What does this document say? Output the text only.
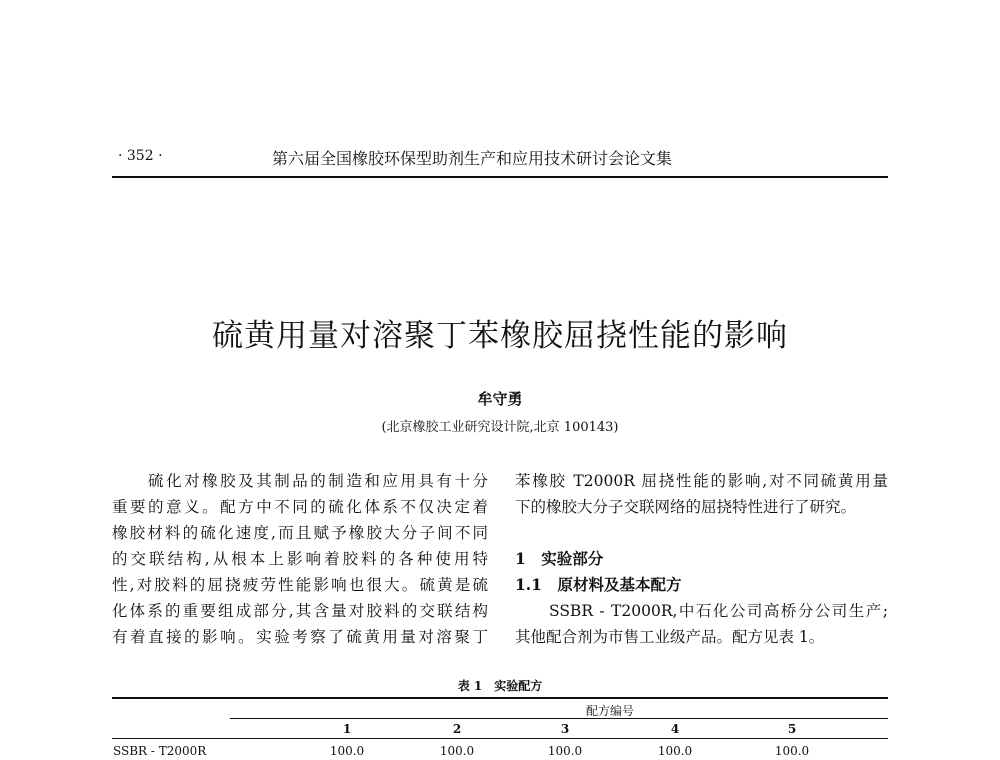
· 352 ·	第六届全国橡胶环保型助剂生产和应用技术研讨会论文集
硫黄用量对溶聚丁苯橡胶屈挠性能的影响
牟守勇
(北京橡胶工业研究设计院,北京 100143)
　　硫化对橡胶及其制品的制造和应用具有十分
重要的意义。配方中不同的硫化体系不仅决定着
橡胶材料的硫化速度,而且赋予橡胶大分子间不同
的交联结构,从根本上影响着胶料的各种使用特
性,对胶料的屈挠疲劳性能影响也很大。硫黄是硫
化体系的重要组成部分,其含量对胶料的交联结构
有着直接的影响。实验考察了硫黄用量对溶聚丁
苯橡胶 T2000R 屈挠性能的影响,对不同硫黄用量
下的橡胶大分子交联网络的屈挠特性进行了研究。
1　实验部分
1.1　原材料及基本配方
　　SSBR - T2000R,中石化公司高桥分公司生产;
其他配合剂为市售工业级产品。配方见表 1。
表 1　实验配方
配方编号
1	2	3	4	5
SSBR - T2000R	100.0	100.0	100.0	100.0	100.0
